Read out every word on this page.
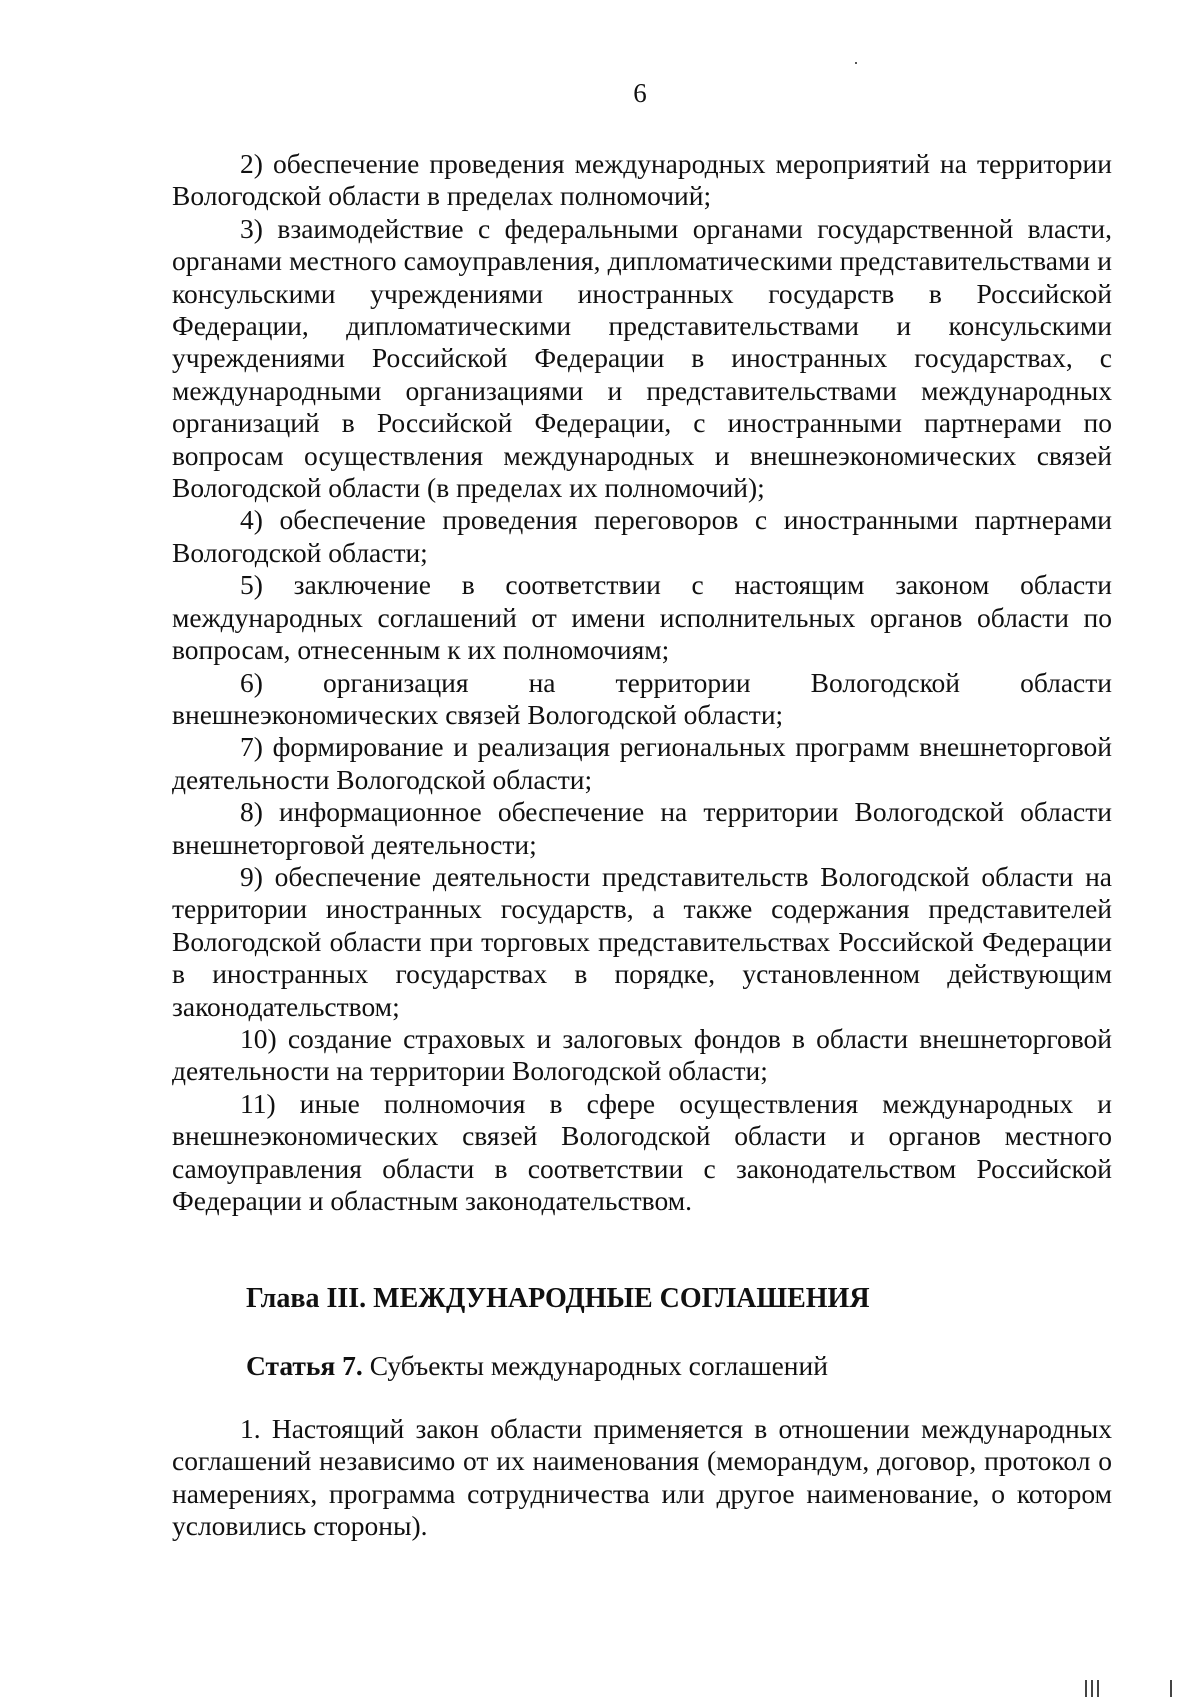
6

2) обеспечение проведения международных мероприятий на территории Вологодской области в пределах полномочий;

3) взаимодействие с федеральными органами государственной власти, органами местного самоуправления, дипломатическими представительствами и консульскими учреждениями иностранных государств в Российской Федерации, дипломатическими представительствами и консульскими учреждениями Российской Федерации в иностранных государствах, с международными организациями и представительствами международных организаций в Российской Федерации, с иностранными партнерами по вопросам осуществления международных и внешнеэкономических связей Вологодской области (в пределах их полномочий);

4) обеспечение проведения переговоров с иностранными партнерами Вологодской области;

5) заключение в соответствии с настоящим законом области международных соглашений от имени исполнительных органов области по вопросам, отнесенным к их полномочиям;

6) организация на территории Вологодской области внешнеэкономических связей Вологодской области;

7) формирование и реализация региональных программ внешнеторговой деятельности Вологодской области;

8) информационное обеспечение на территории Вологодской области внешнеторговой деятельности;

9) обеспечение деятельности представительств Вологодской области на территории иностранных государств, а также содержания представителей Вологодской области при торговых представительствах Российской Федерации в иностранных государствах в порядке, установленном действующим законодательством;

10) создание страховых и залоговых фондов в области внешнеторговой деятельности на территории Вологодской области;

11) иные полномочия в сфере осуществления международных и внешнеэкономических связей Вологодской области и органов местного самоуправления области в соответствии с законодательством Российской Федерации и областным законодательством.

Глава III. МЕЖДУНАРОДНЫЕ СОГЛАШЕНИЯ
Статья 7. Субъекты международных соглашений

1. Настоящий закон области применяется в отношении международных соглашений независимо от их наименования (меморандум, договор, протокол о намерениях, программа сотрудничества или другое наименование, о котором условились стороны).
